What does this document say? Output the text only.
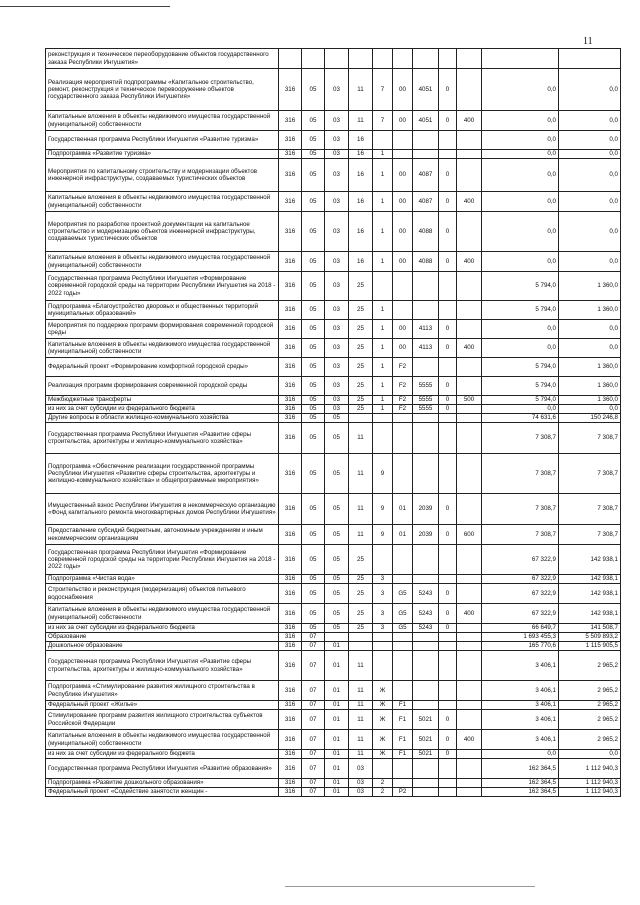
11
реконструкция и техническое переоборудование объектов государственного заказа Республики Ингушетия»											
Реализация мероприятий подпрограммы «Капитальное строительство, ремонт, реконструкция и техническое перевооружение объектов государственного заказа Республики Ингушетия»	316	05	03	11	7	00	4051	0		0,0	0,0
Капитальные вложения в объекты недвижимого имущества государственной (муниципальной) собственности	316	05	03	11	7	00	4051	0	400	0,0	0,0
Государственная программа Республики Ингушетия «Развитие туризма»	316	05	03	16						0,0	0,0
Подпрограмма «Развитие туризма»	316	05	03	16	1					0,0	0,0
Мероприятия по капитальному строительству и модернизации объектов инженерной инфраструктуры, создаваемых туристических объектов	316	05	03	16	1	00	4087	0		0,0	0,0
Капитальные вложения в объекты недвижимого имущества государственной (муниципальной) собственности	316	05	03	16	1	00	4087	0	400	0,0	0,0
Мероприятия по разработке проектной документации на капитальное строительство и модернизацию объектов инженерной инфраструктуры, создаваемых туристических объектов	316	05	03	16	1	00	4088	0		0,0	0,0
Капитальные вложения в объекты недвижимого имущества государственной (муниципальной) собственности	316	05	03	16	1	00	4088	0	400	0,0	0,0
Государственная программа Республики Ингушетия «Формирование современной городской среды на территории Республики Ингушетия на 2018 - 2022 годы»	316	05	03	25						5 794,0	1 360,0
Подпрограмма «Благоустройство дворовых и общественных территорий муниципальных образований»	316	05	03	25	1					5 794,0	1 360,0
Мероприятия по поддержке программ формирования современной городской среды	316	05	03	25	1	00	4113	0		0,0	0,0
Капитальные вложения в объекты недвижимого имущества государственной (муниципальной) собственности	316	05	03	25	1	00	4113	0	400	0,0	0,0
Федеральный проект «Формирование комфортной городской среды»	316	05	03	25	1	F2				5 794,0	1 360,0
Реализация программ формирования современной городской среды	316	05	03	25	1	F2	5555	0		5 794,0	1 360,0
Межбюджетные трансферты	316	05	03	25	1	F2	5555	0	500	5 794,0	1 360,0
из них за счет субсидии из федерального бюджета	316	05	03	25	1	F2	5555	0		0,0	0,0
Другие вопросы в области жилищно-коммунального хозяйства	316	05	05							74 631,6	150 246,8
Государственная программа Республики Ингушетия «Развитие сферы строительства, архитектуры и жилищно-коммунального хозяйства»	316	05	05	11						7 308,7	7 308,7
Подпрограмма «Обеспечение реализации государственной программы Республики Ингушетия «Развитие сферы строительства, архитектуры и жилищно-коммунального хозяйства» и общепрограммные мероприятия»	316	05	05	11	9					7 308,7	7 308,7
Имущественный взнос Республики Ингушетия в некоммерческую организацию «Фонд капитального ремонта многоквартирных домов Республики Ингушетия»	316	05	05	11	9	01	2039	0		7 308,7	7 308,7
Предоставление субсидий бюджетным, автономным учреждениям и иным некоммерческим организациям	316	05	05	11	9	01	2039	0	600	7 308,7	7 308,7
Государственная программа Республики Ингушетия «Формирование современной городской среды на территории Республики Ингушетия на 2018 - 2022 годы»	316	05	05	25						67 322,9	142 938,1
Подпрограмма «Чистая вода»	316	05	05	25	3					67 322,9	142 938,1
Строительство и реконструкция (модернизация) объектов питьевого водоснабжения	316	05	05	25	3	G5	5243	0		67 322,9	142 938,1
Капитальные вложения в объекты недвижимого имущества государственной (муниципальной) собственности	316	05	05	25	3	G5	5243	0	400	67 322,9	142 938,1
из них за счет субсидии из федерального бюджета	316	05	05	25	3	G5	5243	0		66 649,7	141 508,7
Образование	316	07								1 693 455,3	5 509 893,2
Дошкольное образование	316	07	01							165 770,6	1 115 905,5
Государственная программа Республики Ингушетия «Развитие сферы строительства, архитектуры и жилищно-коммунального хозяйства»	316	07	01	11						3 406,1	2 965,2
Подпрограмма «Стимулирование развития жилищного строительства в Республике Ингушетия»	316	07	01	11	Ж					3 406,1	2 965,2
Федеральный проект «Жилье»	316	07	01	11	Ж	F1				3 406,1	2 965,2
Стимулирование программ развития жилищного строительства субъектов Российской Федерации	316	07	01	11	Ж	F1	5021	0		3 406,1	2 965,2
Капитальные вложения в объекты недвижимого имущества государственной (муниципальной) собственности	316	07	01	11	Ж	F1	5021	0	400	3 406,1	2 965,2
из них за счет субсидии из федерального бюджета	316	07	01	11	Ж	F1	5021	0		0,0	0,0
Государственная программа Республики Ингушетия «Развитие образования»	316	07	01	03						162 364,5	1 112 940,3
Подпрограмма «Развитие дошкольного образования»	316	07	01	03	2					162 364,5	1 112 940,3
Федеральный проект «Содействие занятости женщин -	316	07	01	03	2	P2				162 364,5	1 112 940,3
